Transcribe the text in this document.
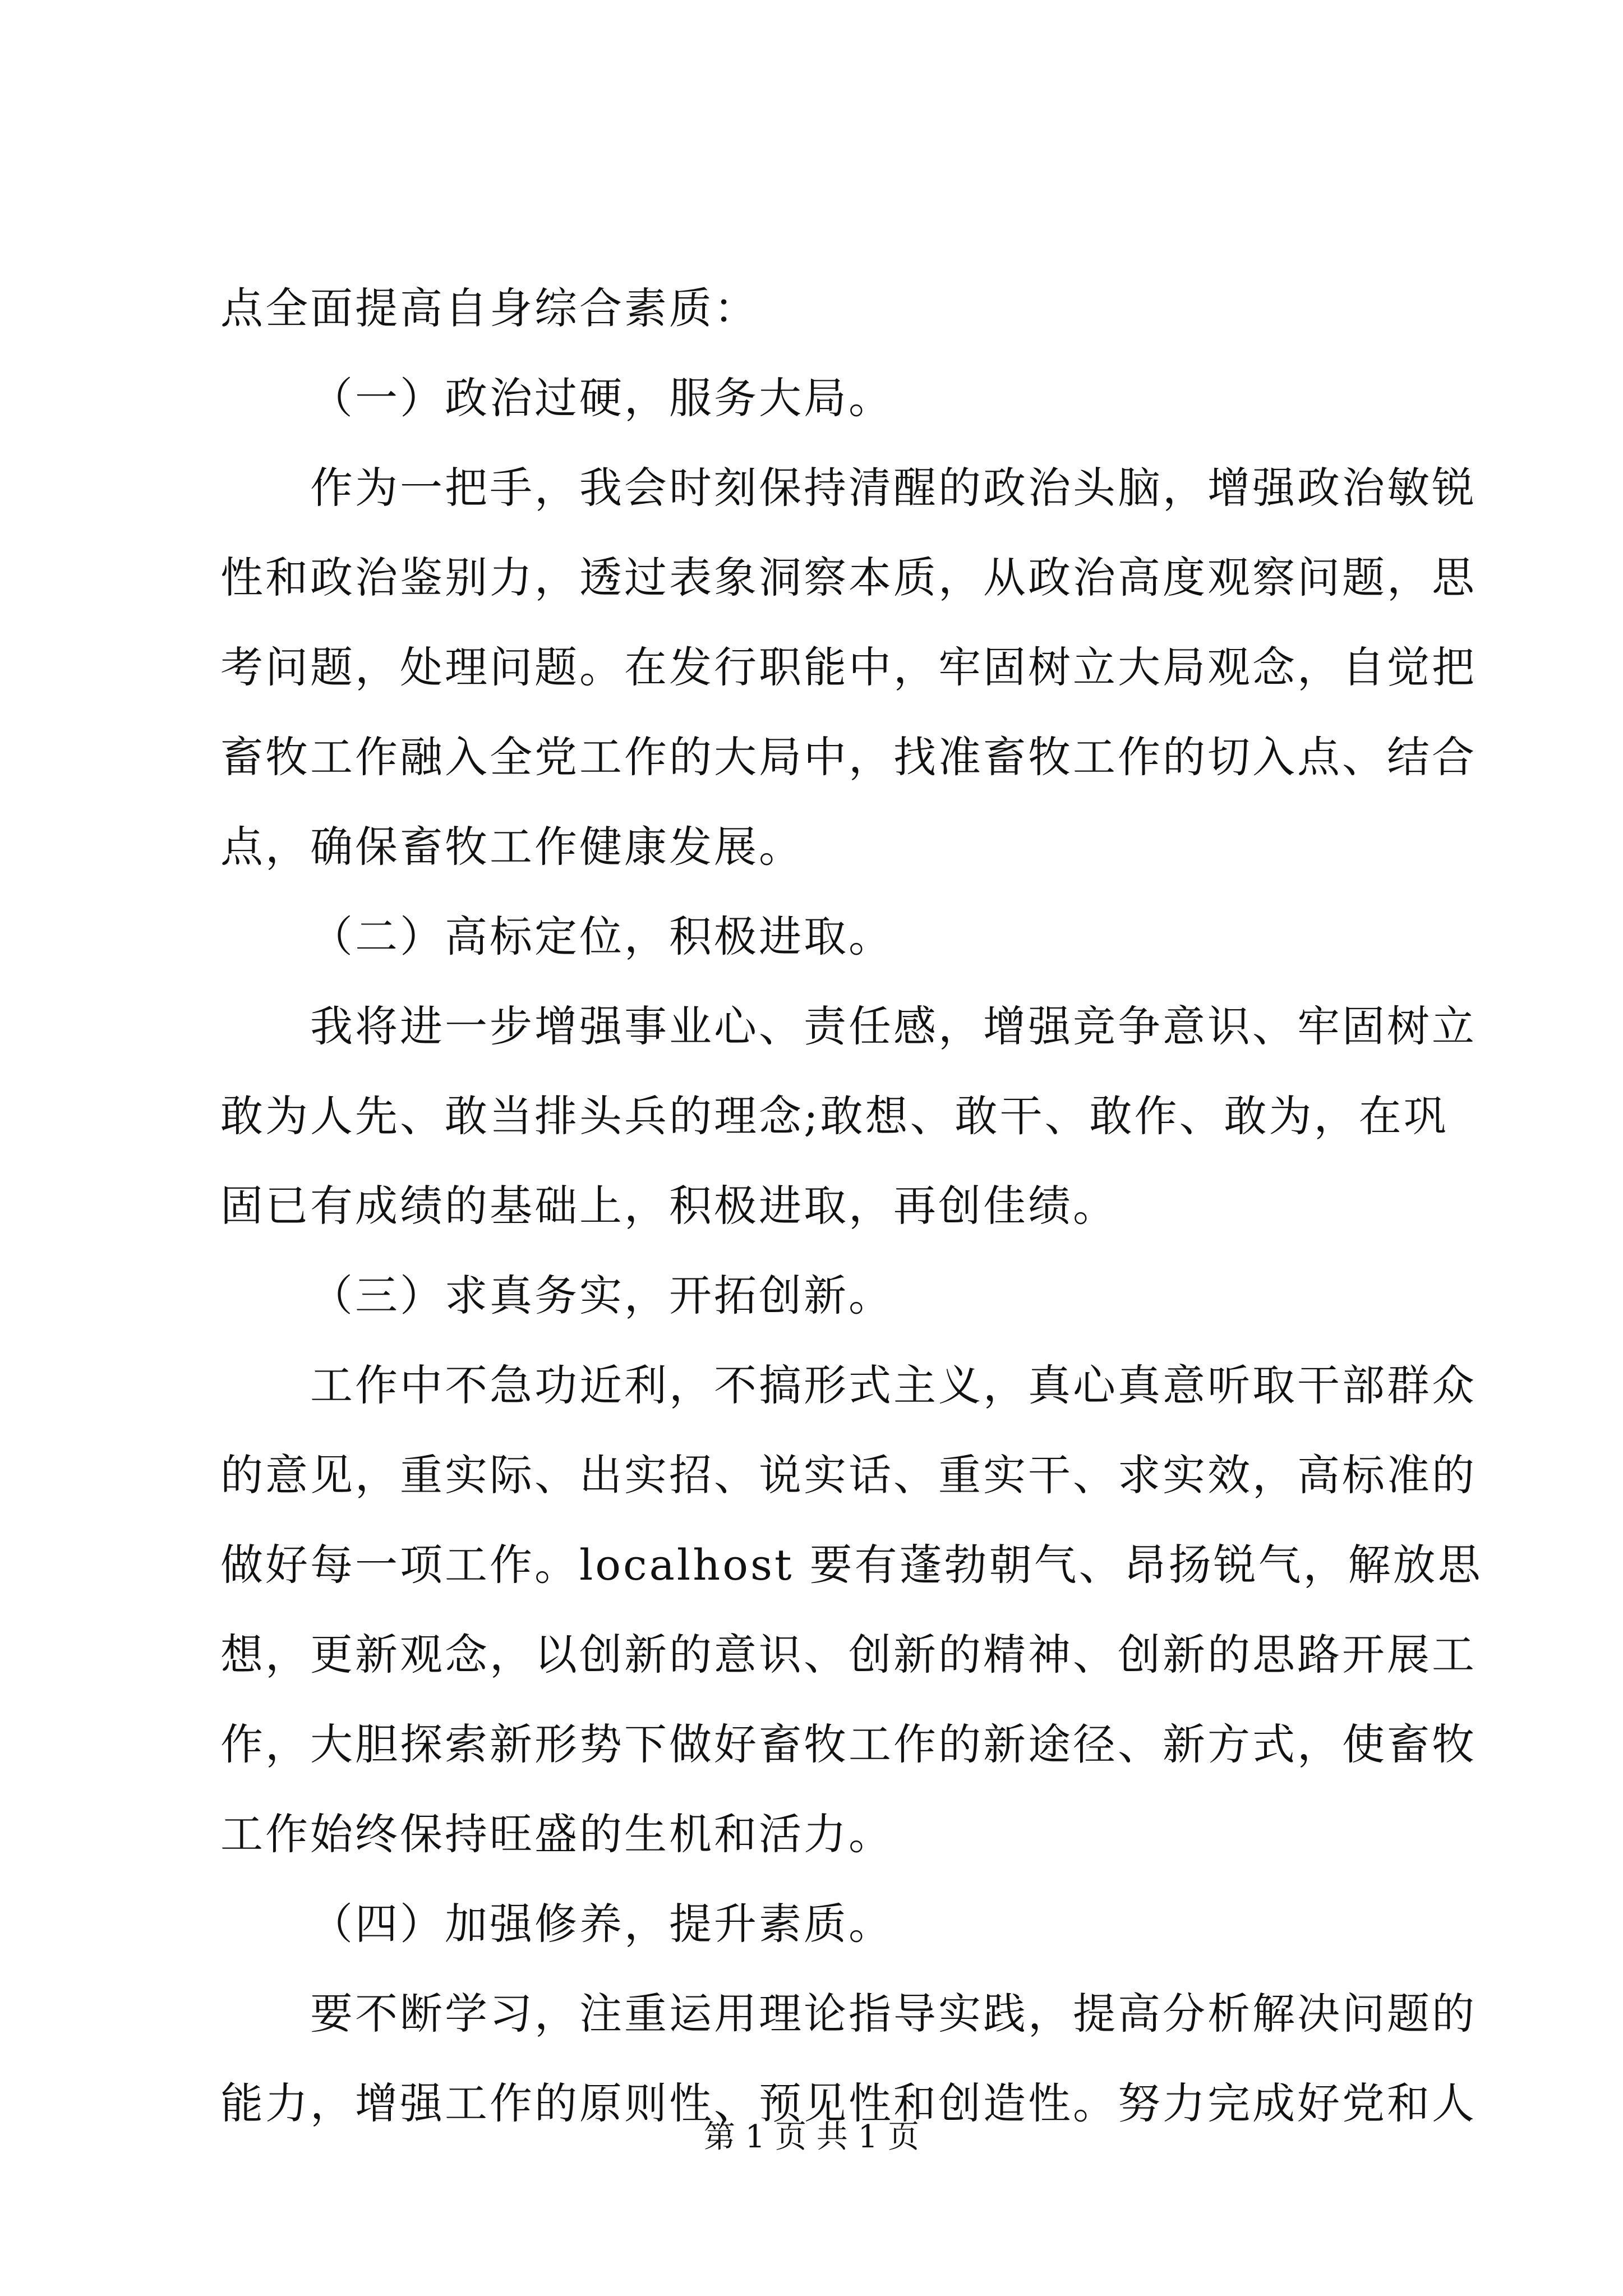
点全面提高自身综合素质：
（一）政治过硬，服务大局。
作为一把手，我会时刻保持清醒的政治头脑，增强政治敏锐
性和政治鉴别力，透过表象洞察本质，从政治高度观察问题，思
考问题，处理问题。在发行职能中，牢固树立大局观念，自觉把
畜牧工作融入全党工作的大局中，找准畜牧工作的切入点、结合
点，确保畜牧工作健康发展。
（二）高标定位，积极进取。
我将进一步增强事业心、责任感，增强竞争意识、牢固树立
敢为人先、敢当排头兵的理念;敢想、敢干、敢作、敢为，在巩
固已有成绩的基础上，积极进取，再创佳绩。
（三）求真务实，开拓创新。
工作中不急功近利，不搞形式主义，真心真意听取干部群众
的意见，重实际、出实招、说实话、重实干、求实效，高标准的
做好每一项工作。localhost 要有蓬勃朝气、昂扬锐气，解放思
想，更新观念，以创新的意识、创新的精神、创新的思路开展工
作，大胆探索新形势下做好畜牧工作的新途径、新方式，使畜牧
工作始终保持旺盛的生机和活力。
（四）加强修养，提升素质。
要不断学习，注重运用理论指导实践，提高分析解决问题的
能力，增强工作的原则性、预见性和创造性。努力完成好党和人
第 1 页 共 1 页
